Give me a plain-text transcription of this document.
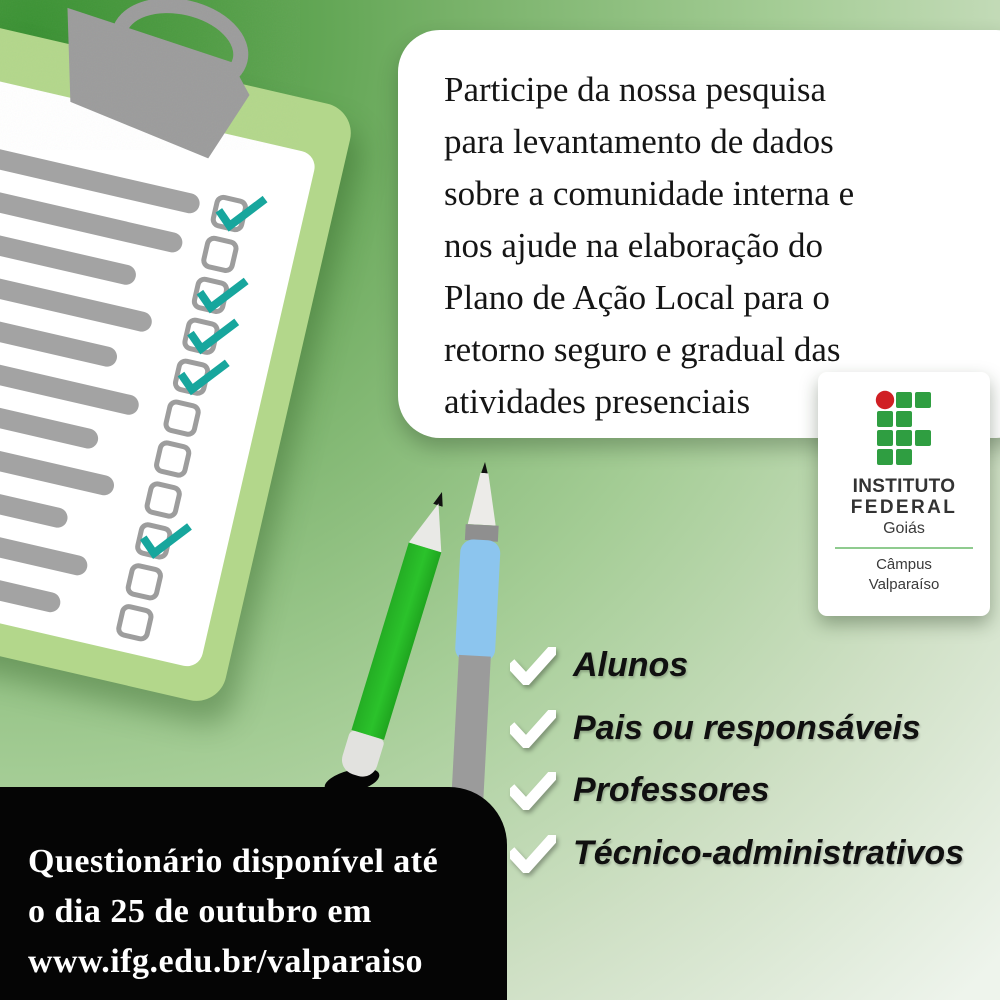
Participe da nossa pesquisa
para levantamento de dados
sobre a comunidade interna e
nos ajude na elaboração do
Plano de Ação Local para o
retorno seguro e gradual das
atividades presenciais
INSTITUTO
FEDERAL
Goiás
Câmpus
Valparaíso
Alunos
Pais ou responsáveis
Professores
Técnico-administrativos
Questionário disponível até
o dia 25 de outubro em
www.ifg.edu.br/valparaiso
